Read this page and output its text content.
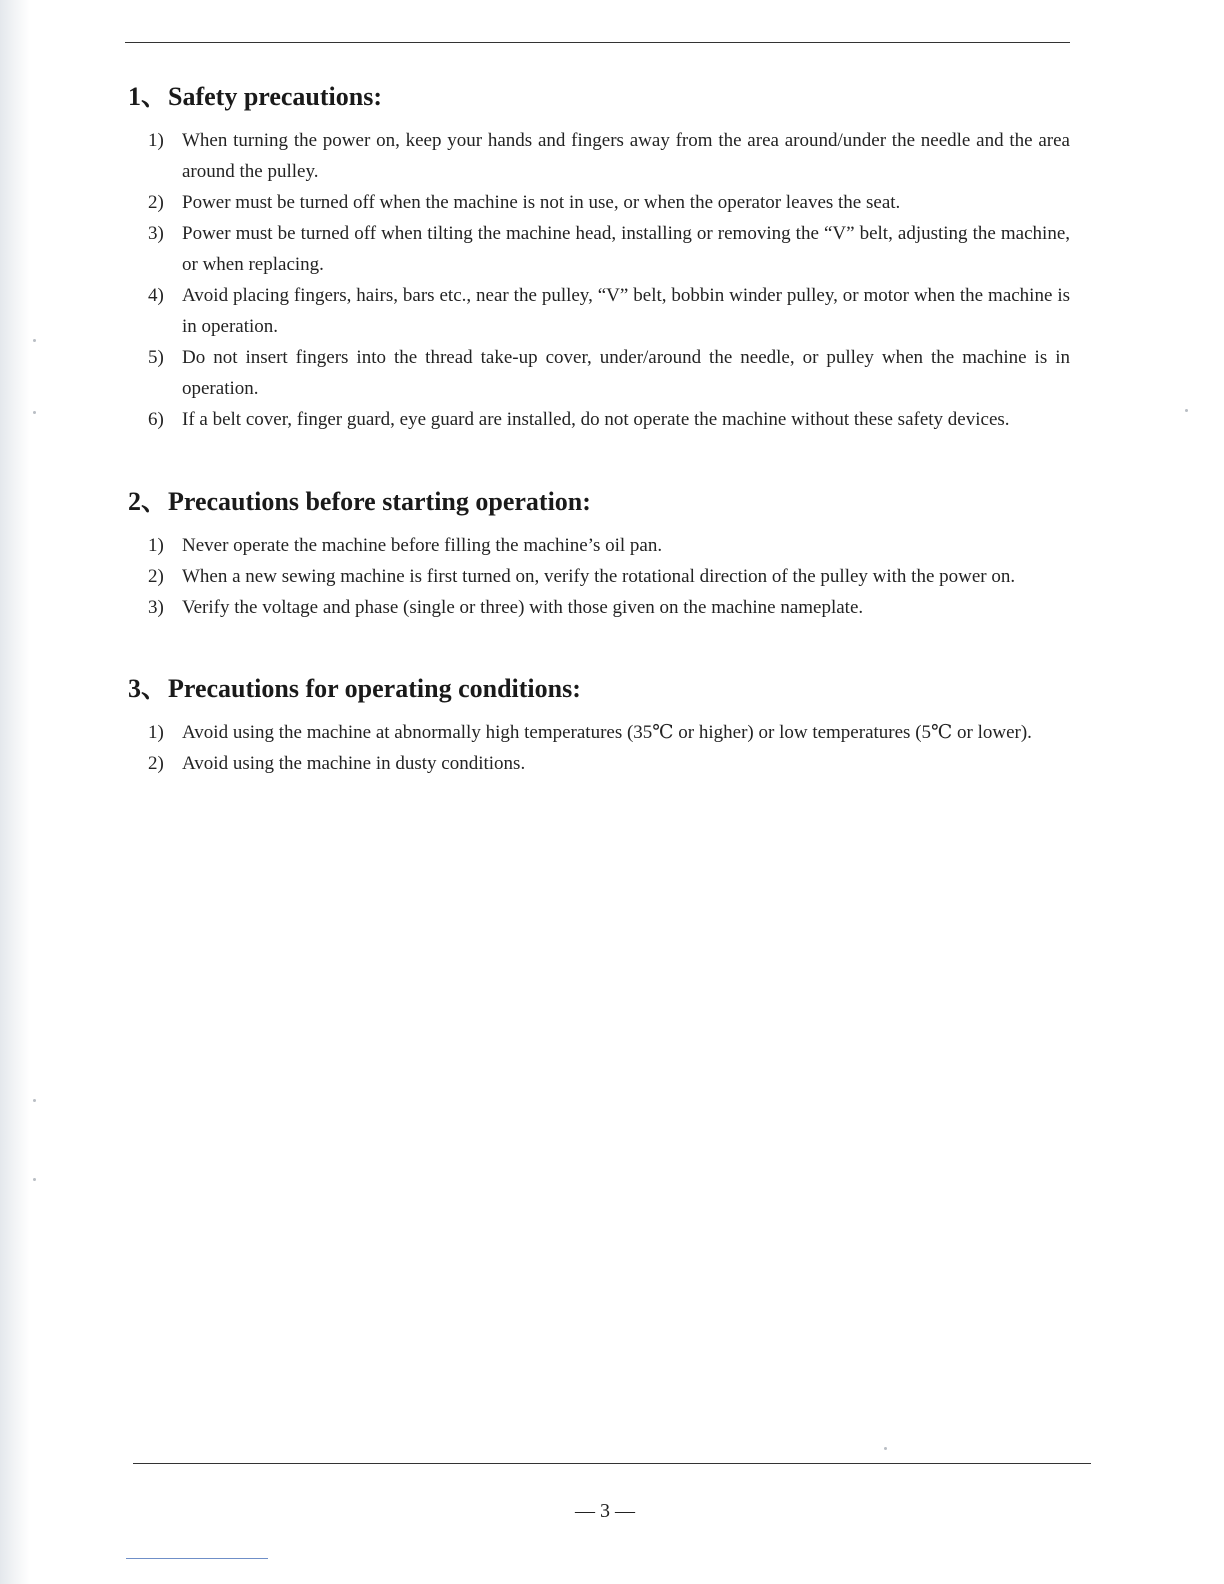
1、Safety precautions:
1) When turning the power on, keep your hands and fingers away from the area around/under the needle and the area around the pulley.
2) Power must be turned off when the machine is not in use, or when the operator leaves the seat.
3) Power must be turned off when tilting the machine head, installing or removing the “V” belt, adjusting the machine, or when replacing.
4) Avoid placing fingers, hairs, bars etc., near the pulley, “V” belt, bobbin winder pulley, or motor when the machine is in operation.
5) Do not insert fingers into the thread take-up cover, under/around the needle, or pulley when the machine is in operation.
6) If a belt cover, finger guard, eye guard are installed, do not operate the machine without these safety devices.
2、Precautions before starting operation:
1) Never operate the machine before filling the machine’s oil pan.
2) When a new sewing machine is first turned on, verify the rotational direction of the pulley with the power on.
3) Verify the voltage and phase (single or three) with those given on the machine nameplate.
3、Precautions for operating conditions:
1) Avoid using the machine at abnormally high temperatures (35℃ or higher) or low temperatures (5℃ or lower).
2) Avoid using the machine in dusty conditions.
— 3 —
